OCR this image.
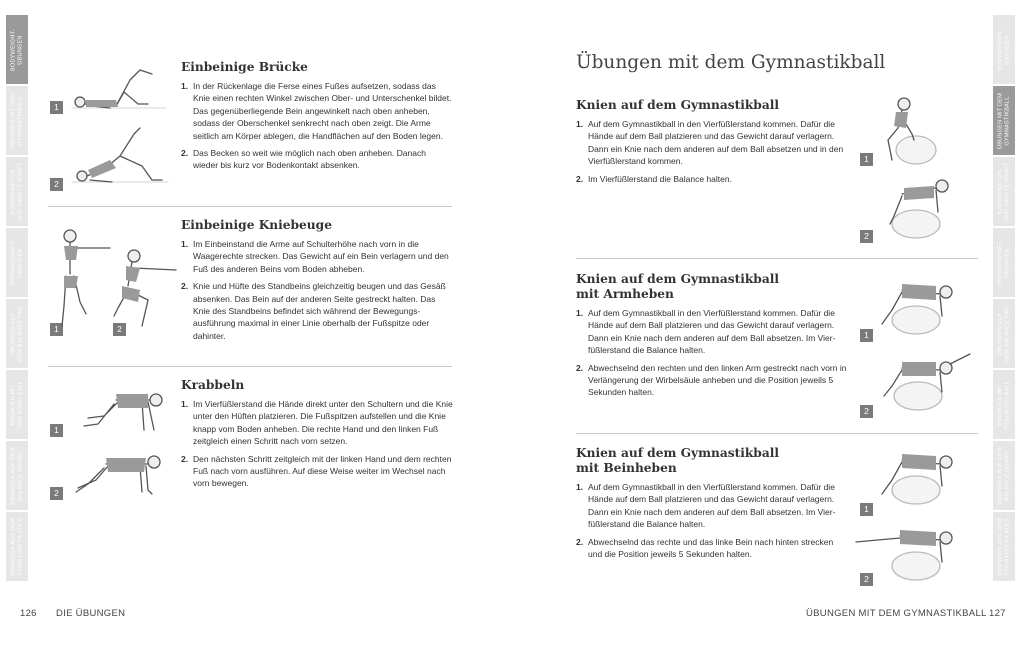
BODYWEIGHT-
ÜBUNGEN
ÜBUNGEN MIT DEM
GYMNASTIKBALL
KOORDINATION
UND SANFTE KRAFT
SPRUNGKRAFT-
ÜBUNGEN
ÜBUNGEN AUF
DEM BALANCE PAD
ÜBUNGEN MIT
DEM BOSU-BALL
ÜBUNGEN AUF DEM
BALANCE BOARD
ÜBUNGEN AUS DEM
YOGA UND PILATES
BODYWEIGHT-
ÜBUNGEN
ÜBUNGEN MIT DEM
GYMNASTIKBALL
KOORDINATION
UND SANFTE KRAFT
SPRUNGKRAFT-
ÜBUNGEN
ÜBUNGEN AUF
DEM BALANCE PAD
ÜBUNGEN MIT
DEM BOSU-BALL
ÜBUNGEN AUF DEM
BALANCE BOARD
ÜBUNGEN AUS DEM
YOGA UND PILATES
Einbeinige Brücke
1. In der Rückenlage die Ferse eines Fußes aufsetzen, sodass das Knie einen rechten Winkel zwischen Ober- und Unterschenkel bildet. Das gegenüberliegende Bein angewinkelt nach oben anheben, sodass der Oberschenkel senkrecht nach oben zeigt. Die Arme seitlich am Körper ablegen, die Handflächen auf den Boden legen.
2. Das Becken so weit wie möglich nach oben anheben. Danach wieder bis kurz vor Bodenkontakt absenken.
1
2
Einbeinige Kniebeuge
1. Im Einbeinstand die Arme auf Schulterhöhe nach vorn in die Waagerechte strecken. Das Gewicht auf ein Bein verlagern und den Fuß des anderen Beins vom Boden abheben.
2. Knie und Hüfte des Standbeins gleichzeitig beugen und das Gesäß absenken. Das Bein auf der anderen Seite gestreckt halten. Das Knie des Standbeins befindet sich während der Bewegungs-ausführung maximal in einer Linie oberhalb der Fußspitze oder dahinter.
1	2
Krabbeln
1. Im Vierfüßlerstand die Hände direkt unter den Schultern und die Knie unter den Hüften platzieren. Die Fußspitzen aufstellen und die Knie knapp vom Boden anheben. Die rechte Hand und den linken Fuß zeitgleich einen Schritt nach vorn setzen.
2. Den nächsten Schritt zeitgleich mit der linken Hand und dem rechten Fuß nach vorn ausführen. Auf diese Weise weiter im Wechsel nach vorn bewegen.
1
2
126 DIE ÜBUNGEN
Übungen mit dem Gymnastikball
Knien auf dem Gymnastikball
1. Auf dem Gymnastikball in den Vierfüßlerstand kommen. Dafür die Hände auf dem Ball platzieren und das Gewicht darauf verlagern. Dann ein Knie nach dem anderen auf dem Ball absetzen und in den Vierfüßlerstand kommen.
2. Im Vierfüßlerstand die Balance halten.
1
2
Knien auf dem Gymnastikball
mit Armheben
1. Auf dem Gymnastikball in den Vierfüßlerstand kommen. Dafür die Hände auf dem Ball platzieren und das Gewicht darauf verlagern. Dann ein Knie nach dem anderen auf dem Ball absetzen. Im Vier-füßlerstand die Balance halten.
2. Abwechselnd den rechten und den linken Arm gestreckt nach vorn in Verlängerung der Wirbelsäule anheben und die Position jeweils 5 Sekunden halten.
1
2
Knien auf dem Gymnastikball
mit Beinheben
1. Auf dem Gymnastikball in den Vierfüßlerstand kommen. Dafür die Hände auf dem Ball platzieren und das Gewicht darauf verlagern. Dann ein Knie nach dem anderen auf dem Ball absetzen. Im Vier-füßlerstand die Balance halten.
2. Abwechselnd das rechte und das linke Bein nach hinten strecken und die Position jeweils 5 Sekunden halten.
1
2
ÜBUNGEN MIT DEM GYMNASTIKBALL 127
